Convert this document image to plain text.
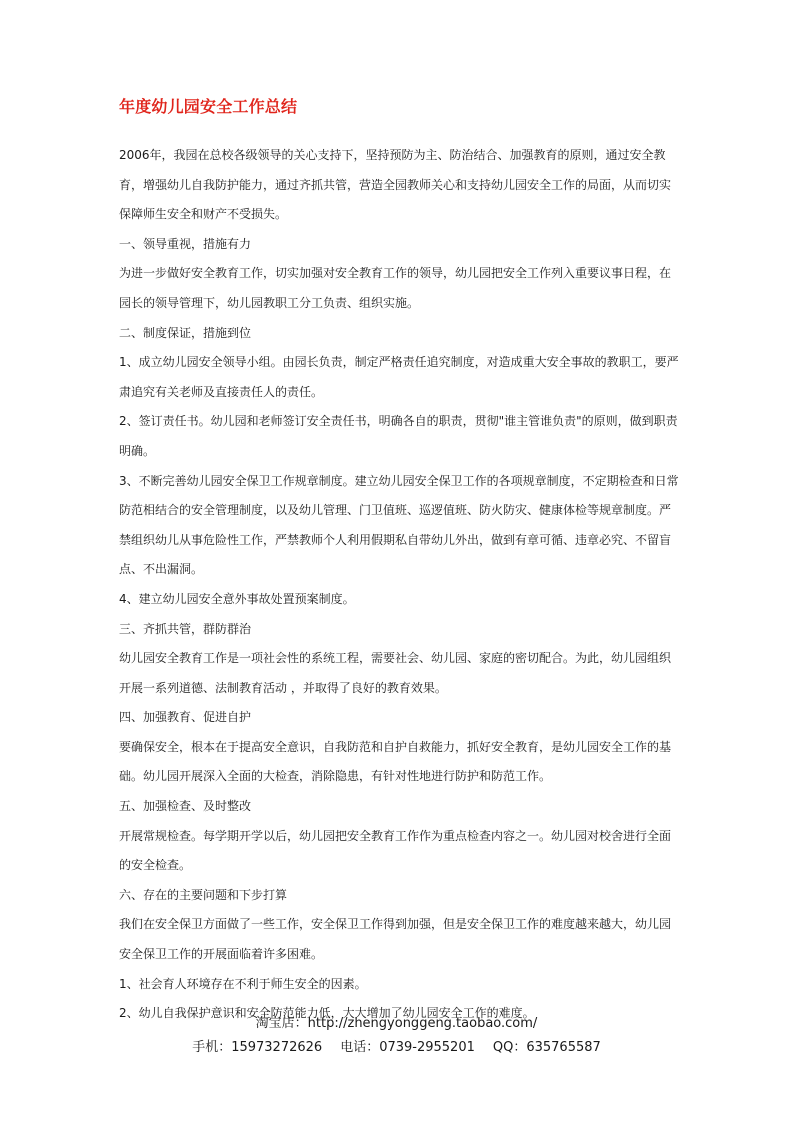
年度幼儿园安全工作总结

2006年，我园在总校各级领导的关心支持下，坚持预防为主、防治结合、加强教育的原则，通过安全教

育，增强幼儿自我防护能力，通过齐抓共管，营造全园教师关心和支持幼儿园安全工作的局面，从而切实

保障师生安全和财产不受损失。

一、领导重视，措施有力

为进一步做好安全教育工作，切实加强对安全教育工作的领导，幼儿园把安全工作列入重要议事日程，在

园长的领导管理下，幼儿园教职工分工负责、组织实施。

二、制度保证，措施到位

1、成立幼儿园安全领导小组。由园长负责，制定严格责任追究制度，对造成重大安全事故的教职工，要严

肃追究有关老师及直接责任人的责任。

2、签订责任书。幼儿园和老师签订安全责任书，明确各自的职责，贯彻"谁主管谁负责"的原则，做到职责

明确。

3、不断完善幼儿园安全保卫工作规章制度。建立幼儿园安全保卫工作的各项规章制度，不定期检查和日常

防范相结合的安全管理制度，以及幼儿管理、门卫值班、巡逻值班、防火防灾、健康体检等规章制度。严

禁组织幼儿从事危险性工作，严禁教师个人利用假期私自带幼儿外出，做到有章可循、违章必究、不留盲

点、不出漏洞。

4、建立幼儿园安全意外事故处置预案制度。

三、齐抓共管，群防群治

幼儿园安全教育工作是一项社会性的系统工程，需要社会、幼儿园、家庭的密切配合。为此，幼儿园组织

开展一系列道德、法制教育活动 ，并取得了良好的教育效果。

四、加强教育、促进自护

要确保安全，根本在于提高安全意识，自我防范和自护自救能力，抓好安全教育，是幼儿园安全工作的基

础。幼儿园开展深入全面的大检查，消除隐患，有针对性地进行防护和防范工作。

五、加强检查、及时整改

开展常规检查。每学期开学以后，幼儿园把安全教育工作作为重点检查内容之一。幼儿园对校舍进行全面

的安全检查。

六、存在的主要问题和下步打算

我们在安全保卫方面做了一些工作，安全保卫工作得到加强，但是安全保卫工作的难度越来越大，幼儿园

安全保卫工作的开展面临着许多困难。

1、社会育人环境存在不利于师生安全的因素。

2、幼儿自我保护意识和安全防范能力低，大大增加了幼儿园安全工作的难度。

淘宝店：http://zhengyonggeng.taobao.com/
手机：15973272626 电话：0739-2955201 QQ：635765587
